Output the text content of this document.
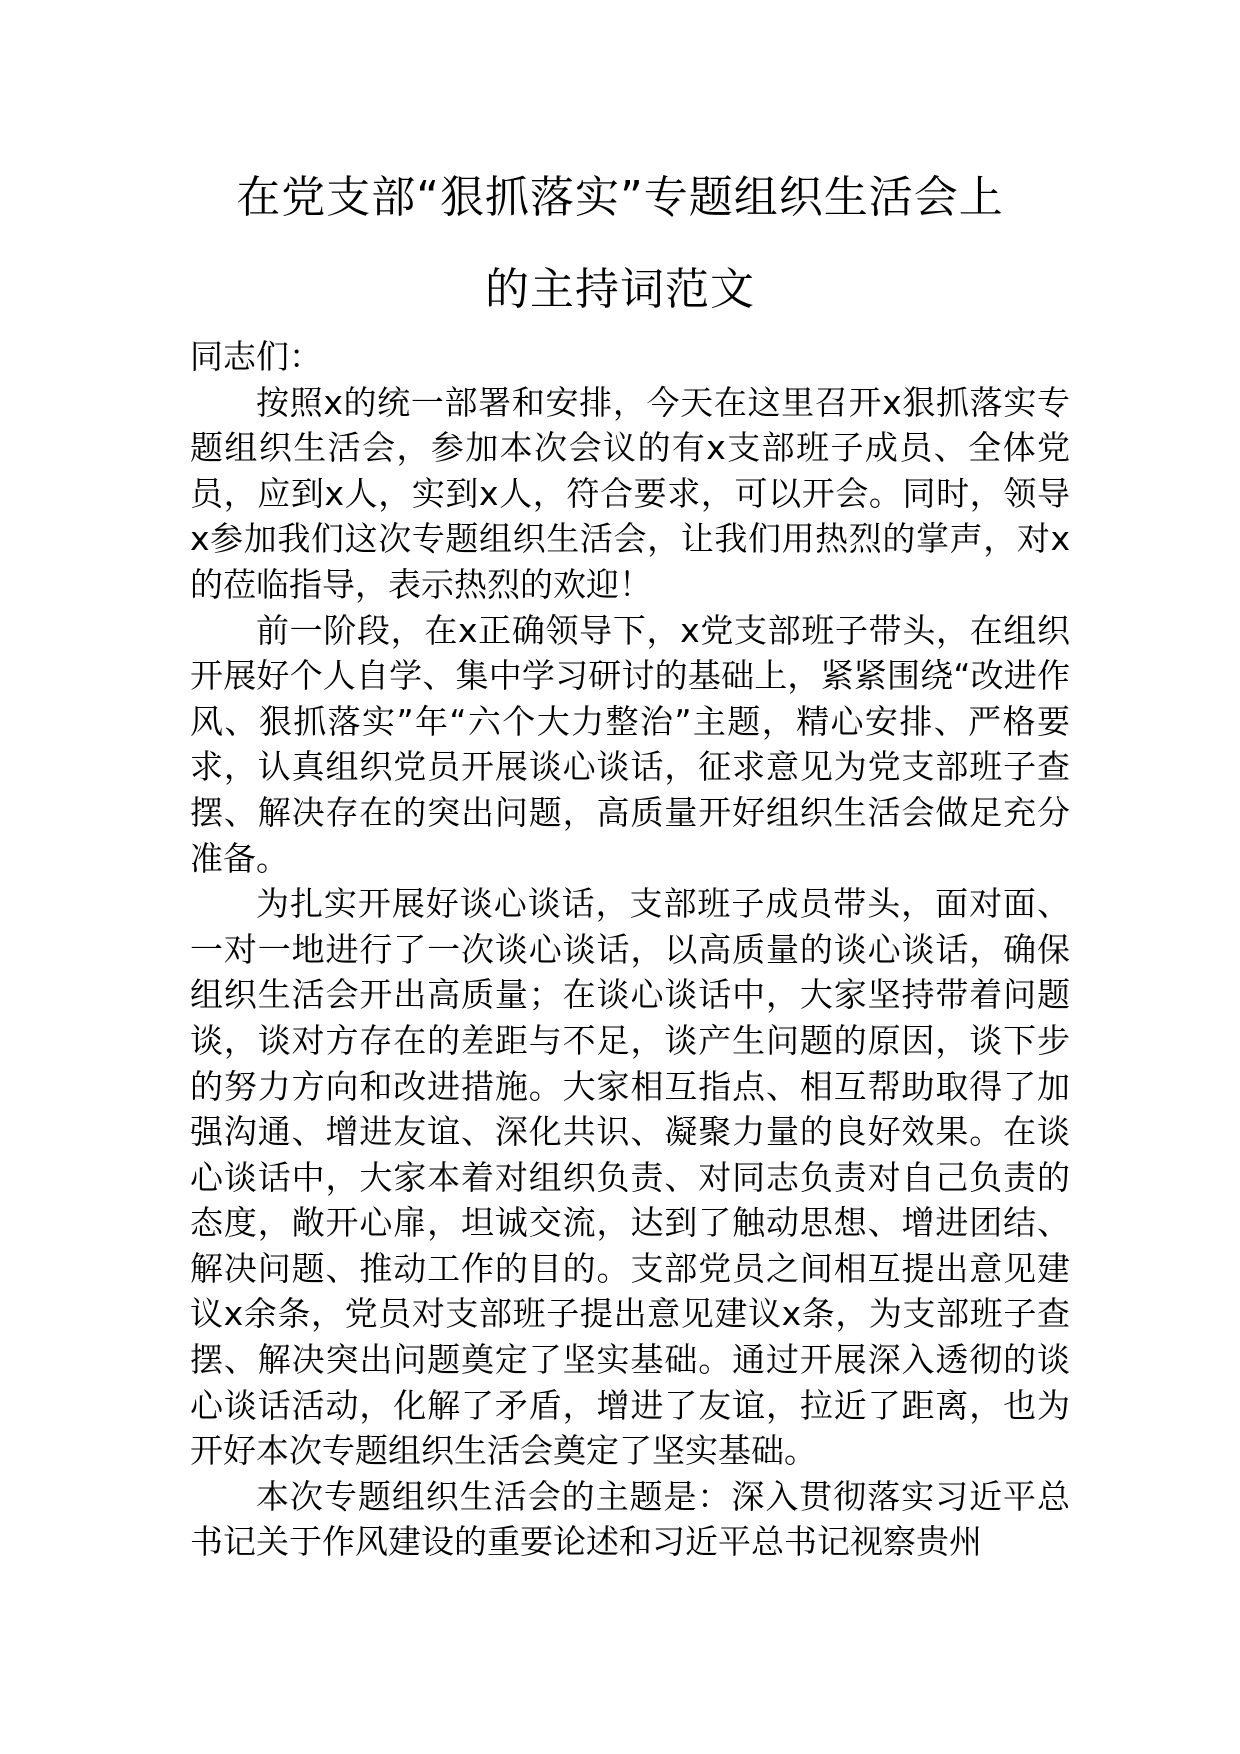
在党支部“狠抓落实”专题组织生活会上
的主持词范文

同志们：

按照x的统一部署和安排，今天在这里召开x狠抓落实专题组织生活会，参加本次会议的有x支部班子成员、全体党员，应到x人，实到x人，符合要求，可以开会。同时，领导x参加我们这次专题组织生活会，让我们用热烈的掌声，对x的莅临指导，表示热烈的欢迎！

前一阶段，在x正确领导下，x党支部班子带头，在组织开展好个人自学、集中学习研讨的基础上，紧紧围绕“改进作风、狠抓落实”年“六个大力整治”主题，精心安排、严格要求，认真组织党员开展谈心谈话，征求意见为党支部班子查摆、解决存在的突出问题，高质量开好组织生活会做足充分准备。

为扎实开展好谈心谈话，支部班子成员带头，面对面、一对一地进行了一次谈心谈话，以高质量的谈心谈话，确保组织生活会开出高质量；在谈心谈话中，大家坚持带着问题谈，谈对方存在的差距与不足，谈产生问题的原因，谈下步的努力方向和改进措施。大家相互指点、相互帮助取得了加强沟通、增进友谊、深化共识、凝聚力量的良好效果。在谈心谈话中，大家本着对组织负责、对同志负责对自己负责的态度，敞开心扉，坦诚交流，达到了触动思想、增进团结、解决问题、推动工作的目的。支部党员之间相互提出意见建议x余条，党员对支部班子提出意见建议x条，为支部班子查摆、解决突出问题奠定了坚实基础。通过开展深入透彻的谈心谈话活动，化解了矛盾，增进了友谊，拉近了距离，也为开好本次专题组织生活会奠定了坚实基础。

本次专题组织生活会的主题是：深入贯彻落实习近平总书记关于作风建设的重要论述和习近平总书记视察贵州
